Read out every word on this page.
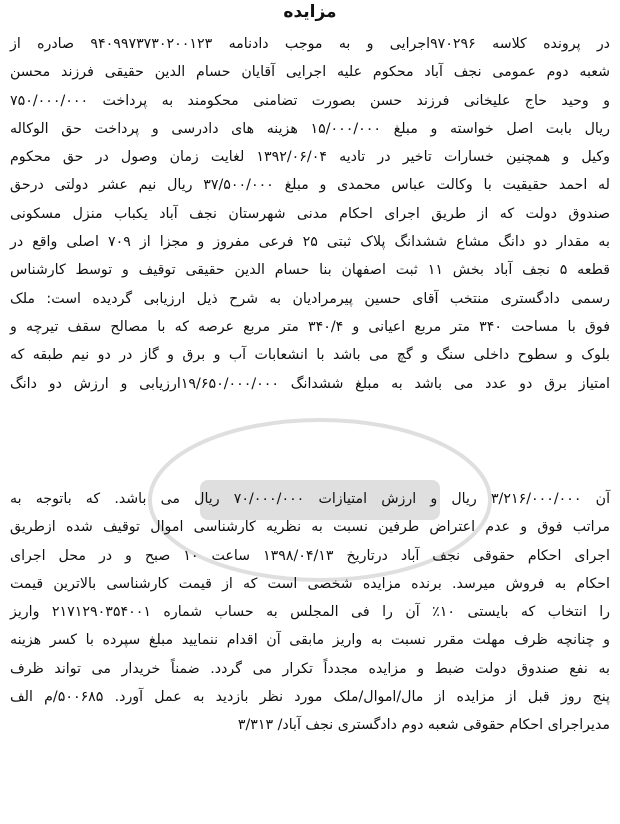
مزایده
در پرونده کلاسه ۹۷۰۲۹۶اجرایی و به موجب دادنامه ۹۴۰۹۹۷۳۷۳۰۲۰۰۱۲۳ صادره از
شعبه دوم عمومی نجف آباد محکوم علیه اجرایی آقایان حسام الدین حقیقی فرزند محسن
و وحید حاج علیخانی فرزند حسن بصورت تضامنی محکومند به پرداخت ۷۵۰/۰۰۰/۰۰۰
ریال بابت اصل خواسته و مبلغ ۱۵/۰۰۰/۰۰۰ هزینه های دادرسی و پرداخت حق الوکاله
وکیل و همچنین خسارات تاخیر در تادیه ۱۳۹۲/۰۶/۰۴ لغایت زمان وصول در حق محکوم
له احمد حقیقیت با وکالت عباس محمدی و مبلغ ۳۷/۵۰۰/۰۰۰ ریال نیم عشر دولتی درحق
صندوق دولت که از طریق اجرای احکام مدنی شهرستان نجف آباد یکباب منزل مسکونی
به مقدار دو دانگ مشاع ششدانگ پلاک ثبتی ۲۵ فرعی مفروز و مجزا از ۷۰۹ اصلی واقع در
قطعه ۵ نجف آباد بخش ۱۱ ثبت اصفهان بنا حسام الدین حقیقی توقیف و توسط کارشناس
رسمی دادگستری منتخب آقای حسین پیرمرادیان به شرح ذیل ارزیابی گردیده است: ملک
فوق با مساحت ۳۴۰ متر مربع اعیانی و ۳۴۰/۴ متر مربع عرصه که با مصالح سقف تیرچه و
بلوک و سطوح داخلی سنگ و گچ می باشد با انشعابات آب و برق و گاز در دو نیم طبقه که
امتیاز برق دو عدد می باشد به مبلغ ششدانگ ۱۹/۶۵۰/۰۰۰/۰۰۰ارزیابی و ارزش دو دانگ
آن ۳/۲۱۶/۰۰۰/۰۰۰ ریال و ارزش امتیازات ۷۰/۰۰۰/۰۰۰ ریال می باشد. که باتوجه به
مراتب فوق و عدم اعتراض طرفین نسبت به نظریه کارشناسی اموال توقیف شده ازطریق
اجرای احکام حقوقی نجف آباد درتاریخ ۱۳۹۸/۰۴/۱۳ ساعت ۱۰ صبح و در محل اجرای
احکام به فروش میرسد. برنده مزایده شخصی است که از قیمت کارشناسی بالاترین قیمت
را انتخاب که بایستی ۱۰٪ آن را فی المجلس به حساب شماره ۲۱۷۱۲۹۰۳۵۴۰۰۱ واریز
و چنانچه ظرف مهلت مقرر نسبت به واریز مابقی آن اقدام ننمایید مبلغ سپرده با کسر هزینه
به نفع صندوق دولت ضبط و مزایده مجدداً تکرار می گردد. ضمناً خریدار می تواند ظرف
پنج روز قبل از مزایده از مال/اموال/ملک مورد نظر بازدید به عمل آورد. ۵۰۰۶۸۵/م الف
مدیراجرای احکام حقوقی شعبه دوم دادگستری نجف آباد/ ۳/۳۱۳
